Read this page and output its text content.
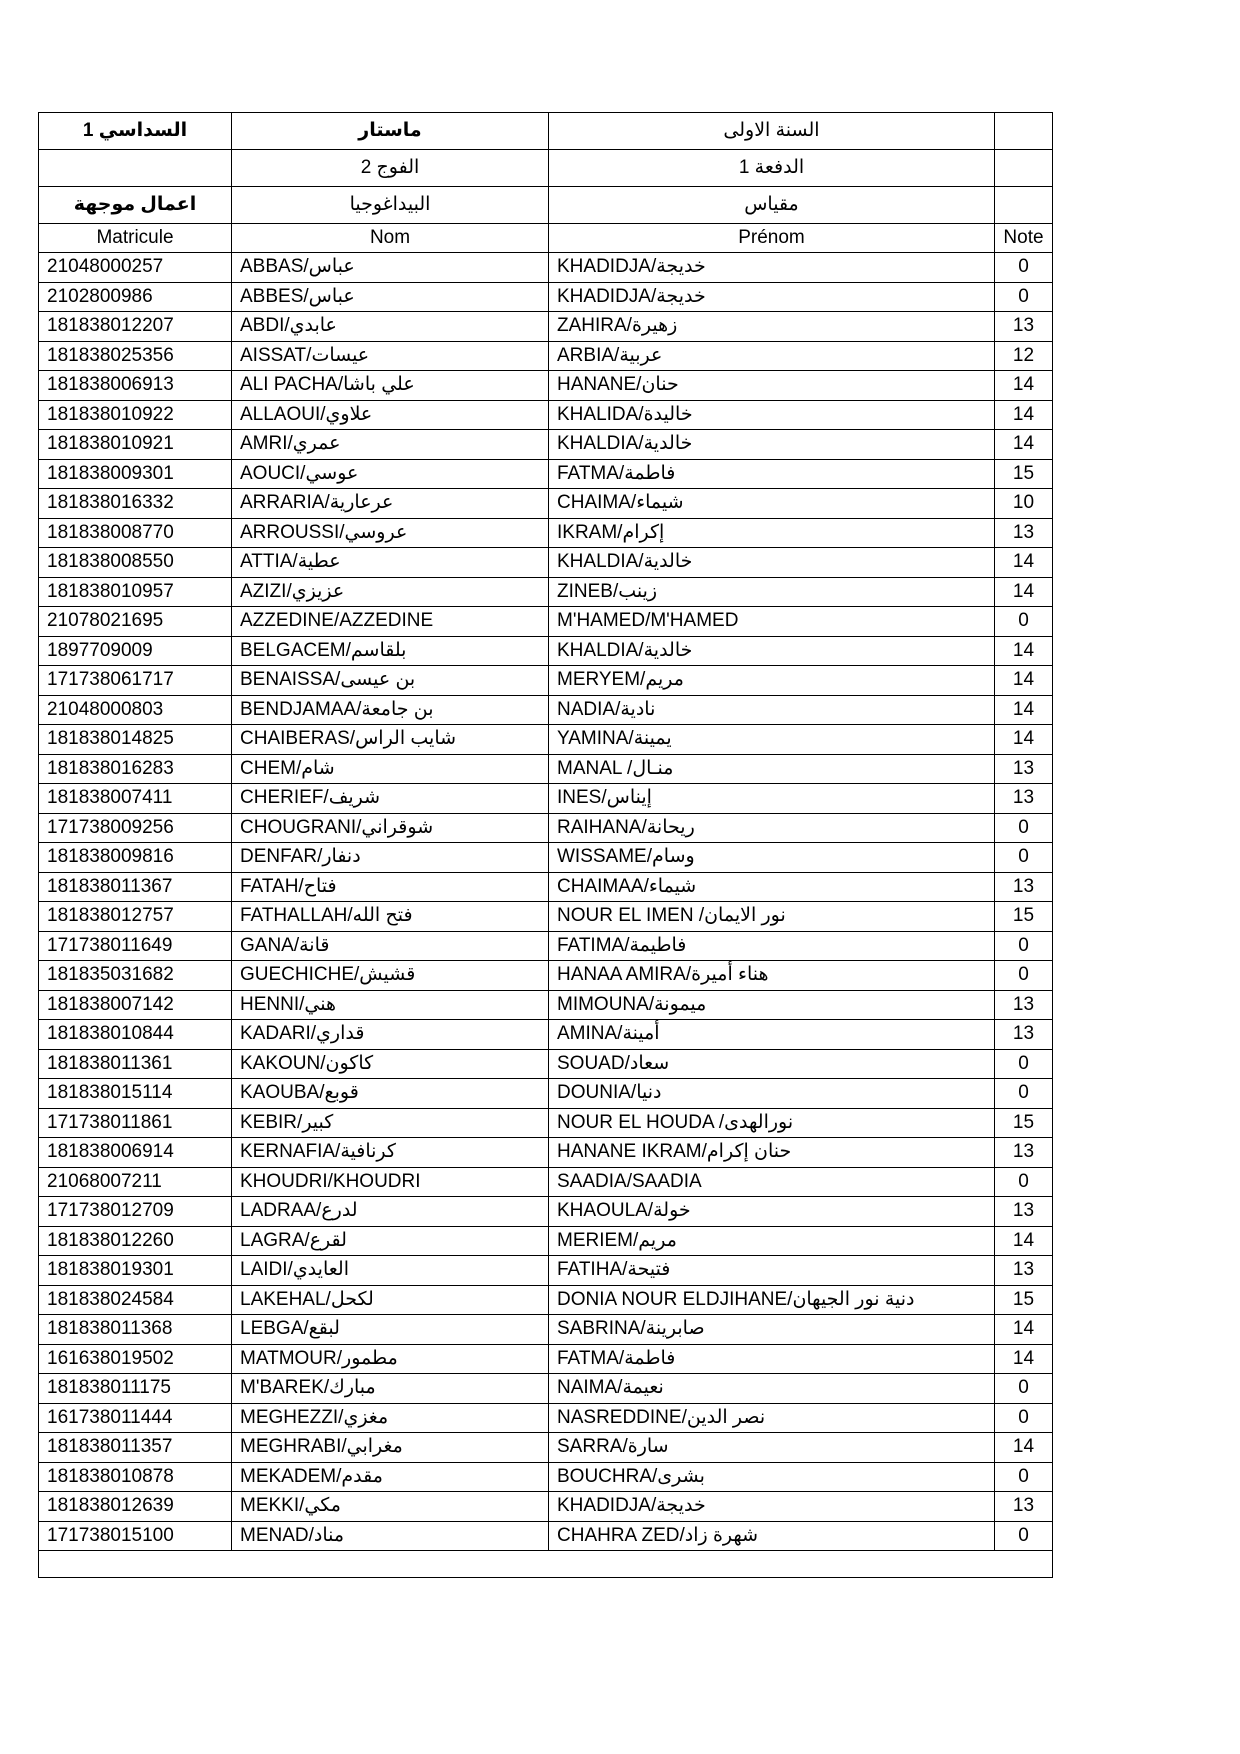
السداسي 1	ماستار	السنة الاولى	
	الفوج 2	الدفعة 1	
اعمال موجهة	البيداغوجيا	مقياس	
Matricule	Nom	Prénom	Note
21048000257	ABBAS/عباس	KHADIDJA/خديجة	0
2102800986	ABBES/عباس	KHADIDJA/خديجة	0
181838012207	ABDI/عابدي	ZAHIRA/زهيرة	13
181838025356	AISSAT/عيسات	ARBIA/عربية	12
181838006913	ALI PACHA/علي باشا	HANANE/حنان	14
181838010922	ALLAOUI/علاوي	KHALIDA/خاليدة	14
181838010921	AMRI/عمري	KHALDIA/خالدية	14
181838009301	AOUCI/عوسي	FATMA/فاطمة	15
181838016332	ARRARIA/عرعارية	CHAIMA/شيماء	10
181838008770	ARROUSSI/عروسي	IKRAM/إكرام	13
181838008550	ATTIA/عطية	KHALDIA/خالدية	14
181838010957	AZIZI/عزيزي	ZINEB/زينب	14
21078021695	AZZEDINE/AZZEDINE	M'HAMED/M'HAMED	0
1897709009	BELGACEM/بلقاسم	KHALDIA/خالدية	14
171738061717	BENAISSA/بن عيسى	MERYEM/مريم	14
21048000803	BENDJAMAA/بن جامعة	NADIA/نادية	14
181838014825	CHAIBERAS/شايب الراس	YAMINA/يمينة	14
181838016283	CHEM/شام	MANAL /منـال	13
181838007411	CHERIEF/شريف	INES/إيناس	13
171738009256	CHOUGRANI/شوقراني	RAIHANA/ريحانة	0
181838009816	DENFAR/دنفار	WISSAME/وسام	0
181838011367	FATAH/فتاح	CHAIMAA/شيماء	13
181838012757	FATHALLAH/فتح الله	NOUR EL IMEN /نور الايمان	15
171738011649	GANA/قانة	FATIMA/فاطيمة	0
181835031682	GUECHICHE/قشيش	HANAA AMIRA/هناء أميرة	0
181838007142	HENNI/هني	MIMOUNA/ميمونة	13
181838010844	KADARI/قداري	AMINA/أمينة	13
181838011361	KAKOUN/كاكون	SOUAD/سعاد	0
181838015114	KAOUBA/قوبع	DOUNIA/دنيا	0
171738011861	KEBIR/كبير	NOUR EL HOUDA /نورالهدى	15
181838006914	KERNAFIA/كرنافية	HANANE IKRAM/حنان إكرام	13
21068007211	KHOUDRI/KHOUDRI	SAADIA/SAADIA	0
171738012709	LADRAA/لدرع	KHAOULA/خولة	13
181838012260	LAGRA/لقرع	MERIEM/مريم	14
181838019301	LAIDI/العايدي	FATIHA/فتيحة	13
181838024584	LAKEHAL/لكحل	DONIA NOUR ELDJIHANE/دنية نور الجيهان	15
181838011368	LEBGA/لبقع	SABRINA/صابرينة	14
161638019502	MATMOUR/مطمور	FATMA/فاطمة	14
181838011175	M'BAREK/مبارك	NAIMA/نعيمة	0
161738011444	MEGHEZZI/مغزي	NASREDDINE/نصر الدين	0
181838011357	MEGHRABI/مغرابي	SARRA/سارة	14
181838010878	MEKADEM/مقدم	BOUCHRA/بشرى	0
181838012639	MEKKI/مكي	KHADIDJA/خديجة	13
171738015100	MENAD/مناد	CHAHRA ZED/شهرة زاد	0
